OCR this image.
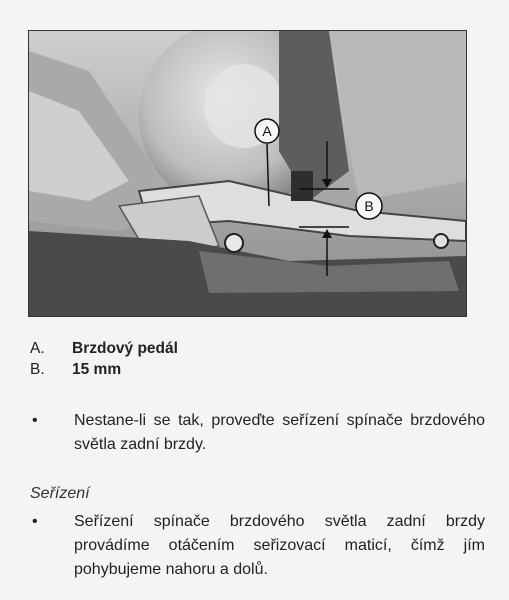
A
B
A.	Brzdový pedál
B.	15 mm
•	Nestane-li se tak, proveďte seřízení spínače brzdového světla zadní brzdy.
Seřízení
•	Seřízení spínače brzdového světla zadní brzdy provádíme otáčením seřizovací maticí, čímž jím pohybujeme nahoru a dolů.
